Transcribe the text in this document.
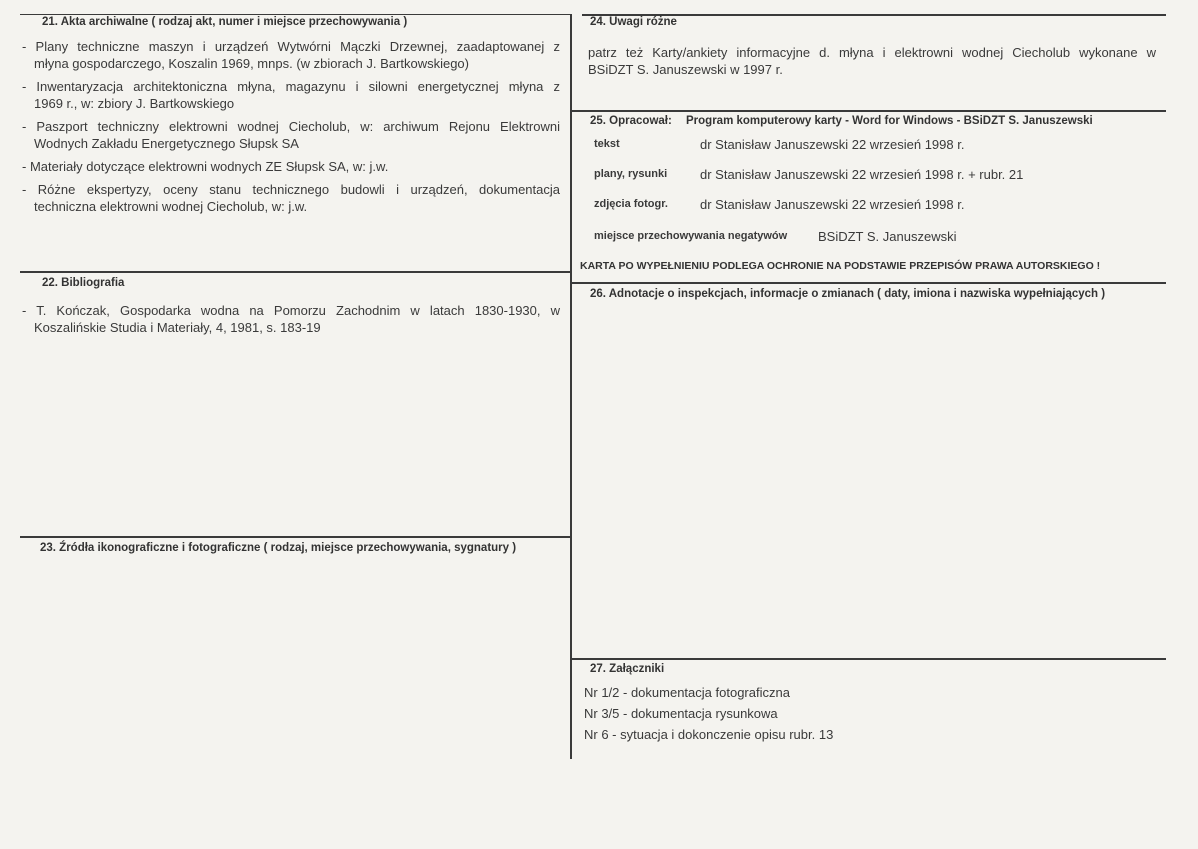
21. Akta archiwalne ( rodzaj akt, numer i miejsce przechowywania )
- Plany techniczne maszyn i urządzeń Wytwórni Mączki Drzewnej, zaadaptowanej z
młyna gospodarczego, Koszalin 1969, mnps. (w zbiorach J. Bartkowskiego)
- Inwentaryzacja architektoniczna młyna, magazynu i silowni energetycznej młyna z
1969 r., w: zbiory J. Bartkowskiego
- Paszport techniczny elektrowni wodnej Ciecholub, w: archiwum Rejonu Elektrowni
Wodnych Zakładu Energetycznego Słupsk SA
- Materiały dotyczące elektrowni wodnych ZE Słupsk SA, w: j.w.
- Różne ekspertyzy, oceny stanu technicznego budowli i urządzeń, dokumentacja
techniczna elektrowni wodnej Ciecholub, w: j.w.
22. Bibliografia
- T. Kończak, Gospodarka wodna na Pomorzu Zachodnim w latach 1830-1930, w
Koszalińskie Studia i Materiały, 4, 1981, s. 183-19
23. Źródła ikonograficzne i fotograficzne ( rodzaj, miejsce przechowywania, sygnatury )
24. Uwagi różne
patrz też Karty/ankiety informacyjne d. młyna i elektrowni wodnej Ciecholub wykonane w
BSiDZT S. Januszewski w 1997 r.
25. Opracował: Program komputerowy karty - Word for Windows - BSiDZT S. Januszewski
tekst	dr Stanisław Januszewski 22 wrzesień 1998 r.
plany, rysunki	dr Stanisław Januszewski 22 wrzesień 1998 r. + rubr. 21
zdjęcia fotogr. dr Stanisław Januszewski 22 wrzesień 1998 r.
miejsce przechowywania negatywów BSiDZT S. Januszewski
KARTA PO WYPEŁNIENIU PODLEGA OCHRONIE NA PODSTAWIE PRZEPISÓW PRAWA AUTORSKIEGO !
26. Adnotacje o inspekcjach, informacje o zmianach ( daty, imiona i nazwiska wypełniających )
27. Załączniki
Nr 1/2 - dokumentacja fotograficzna
Nr 3/5 - dokumentacja rysunkowa
Nr 6 - sytuacja i dokonczenie opisu rubr. 13
